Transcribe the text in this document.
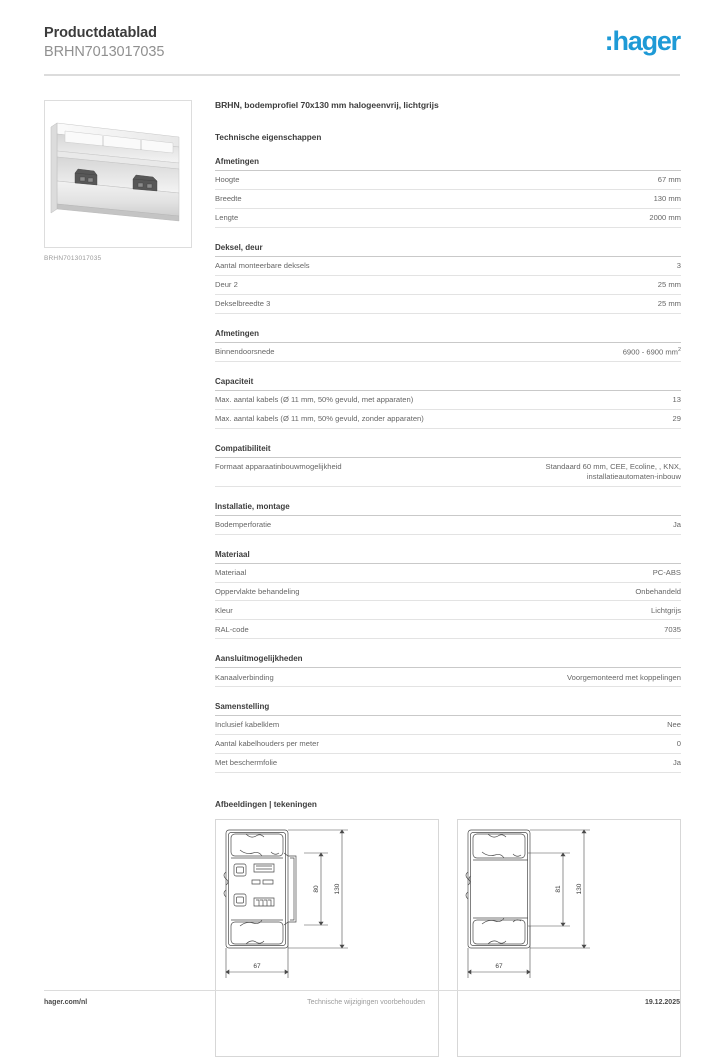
Productdatablad
BRHN7013017035	:hager
BRHN7013017035
BRHN, bodemprofiel 70x130 mm halogeenvrij, lichtgrijs
Technische eigenschappen
Afmetingen
Hoogte	67 mm
Breedte	130 mm
Lengte	2000 mm
Deksel, deur
Aantal monteerbare deksels	3
Deur 2	25 mm
Dekselbreedte 3	25 mm
Afmetingen
Binnendoorsnede	6900 - 6900 $mm^2$
Capaciteit
Max. aantal kabels (Ø 11 mm, 50% gevuld, met apparaten)	13
Max. aantal kabels (Ø 11 mm, 50% gevuld, zonder apparaten)	29
Compatibiliteit
Formaat apparaatinbouwmogelijkheid	Standaard 60 mm, CEE, Ecoline, , KNX,
installatieautomaten-inbouw
Installatie, montage
Bodemperforatie	Ja
Materiaal
Materiaal	PC-ABS
Oppervlakte behandeling	Onbehandeld
Kleur	Lichtgrijs
RAL-code	7035
Aansluitmogelijkheden
Kanaalverbinding	Voorgemonteerd met koppelingen
Samenstelling
Inclusief kabelklem	Nee
Aantal kabelhouders per meter	0
Met beschermfolie	Ja
Afbeeldingen | tekeningen
80 130
67
81 130
67
hager.com/nl	Technische wijzigingen voorbehouden	19.12.2025
